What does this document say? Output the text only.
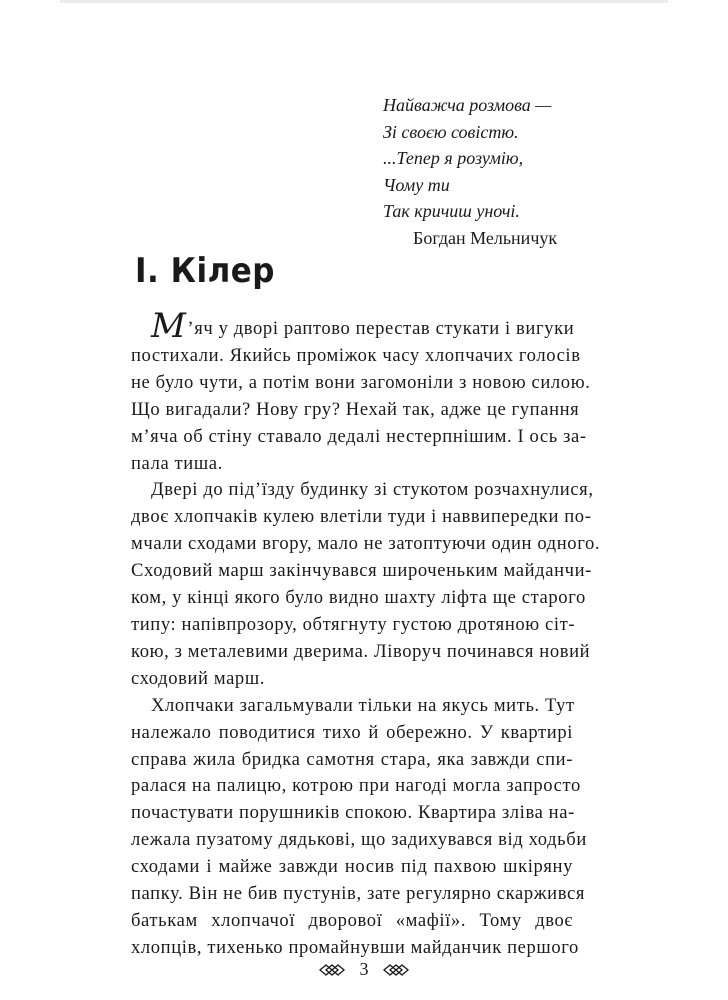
Найважча розмова —
Зі своєю совістю.
...Тепер я розумію,
Чому ти
Так кричиш уночі.
Богдан Мельничук
І. Кілер
М’яч у дворі раптово перестав стукати і вигуки
постихали. Якийсь проміжок часу хлопчачих голосів
не було чути, а потім вони загомоніли з новою силою.
Що вигадали? Нову гру? Нехай так, адже це гупання
м’яча об стіну ставало дедалі нестерпнішим. І ось за-
пала тиша.
Двері до під’їзду будинку зі стукотом розчахнулися,
двоє хлопчаків кулею влетіли туди і наввипередки по-
мчали сходами вгору, мало не затоптуючи один одного.
Сходовий марш закінчувався широченьким майданчи-
ком, у кінці якого було видно шахту ліфта ще старого
типу: напівпрозору, обтягнуту густою дротяною сіт-
кою, з металевими дверима. Ліворуч починався новий
сходовий марш.
Хлопчаки загальмували тільки на якусь мить. Тут
належало поводитися тихо й обережно. У квартирі
справа жила бридка самотня стара, яка завжди спи-
ралася на палицю, котрою при нагоді могла запросто
почастувати порушників спокою. Квартира зліва на-
лежала пузатому дядькові, що задихувався від ходьби
сходами і майже завжди носив під пахвою шкіряну
папку. Він не бив пустунів, зате регулярно скаржився
батькам хлопчачої дворової «мафії». Тому двоє
хлопців, тихенько промайнувши майданчик першого
3
